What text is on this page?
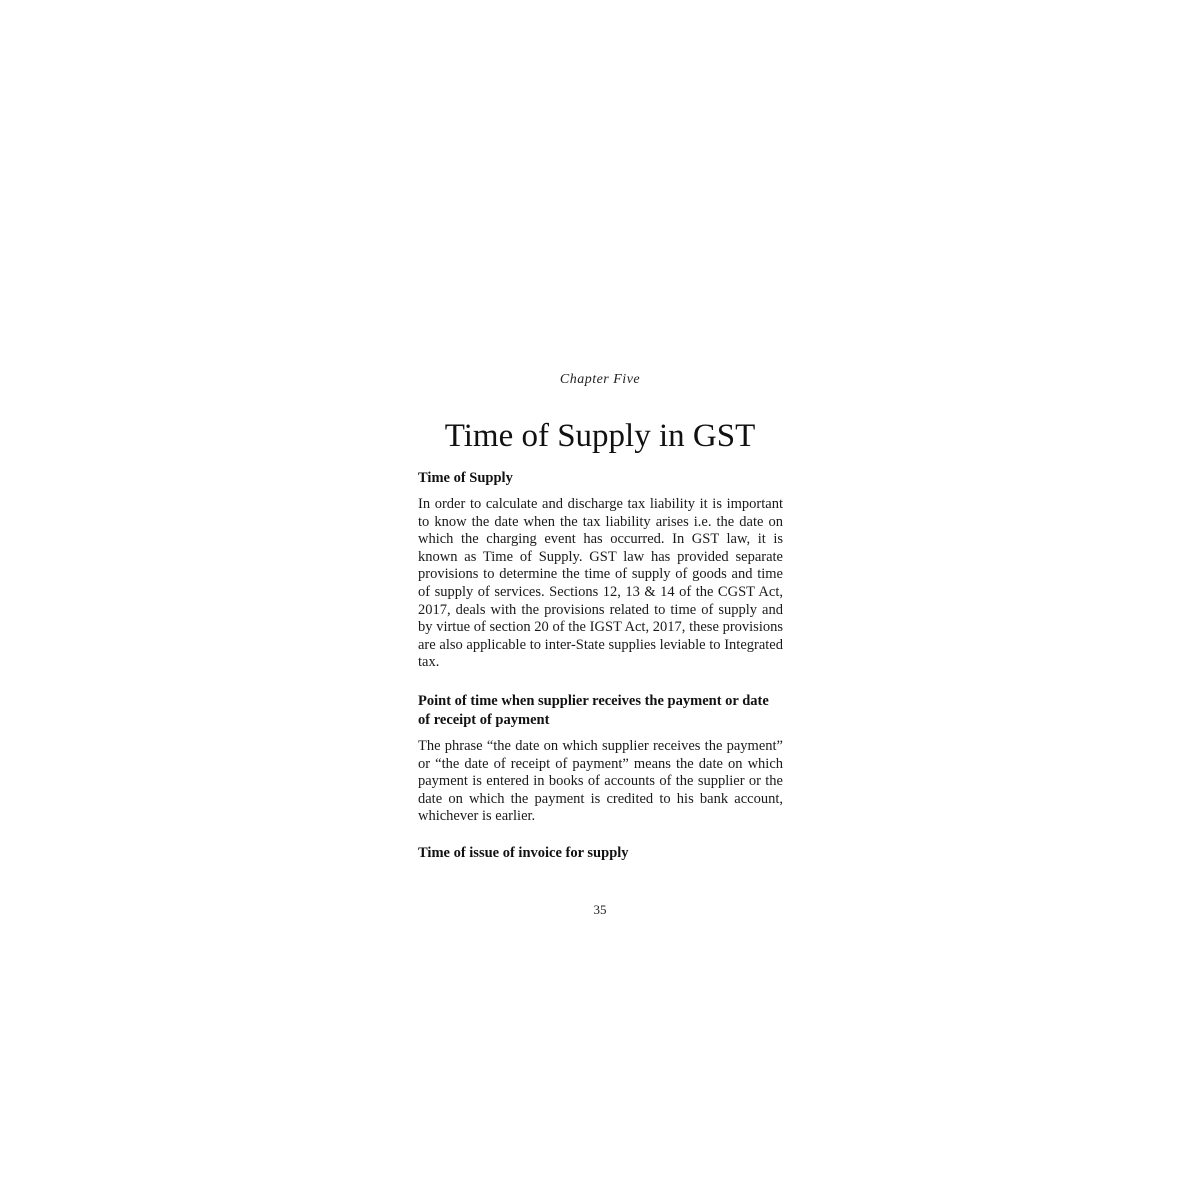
Chapter Five
Time of Supply in GST
Time of Supply

In order to calculate and discharge tax liability it is important to know the date when the tax liability arises i.e. the date on which the charging event has occurred. In GST law, it is known as Time of Supply. GST law has provided separate provisions to determine the time of supply of goods and time of supply of services. Sections 12, 13 & 14 of the CGST Act, 2017, deals with the provisions related to time of supply and by virtue of section 20 of the IGST Act, 2017, these provisions are also applicable to inter-State supplies leviable to Integrated tax.

Point of time when supplier receives the payment or date of receipt of payment

The phrase “the date on which supplier receives the payment” or “the date of receipt of payment” means the date on which payment is entered in books of accounts of the supplier or the date on which the payment is credited to his bank account, whichever is earlier.

Time of issue of invoice for supply
35
